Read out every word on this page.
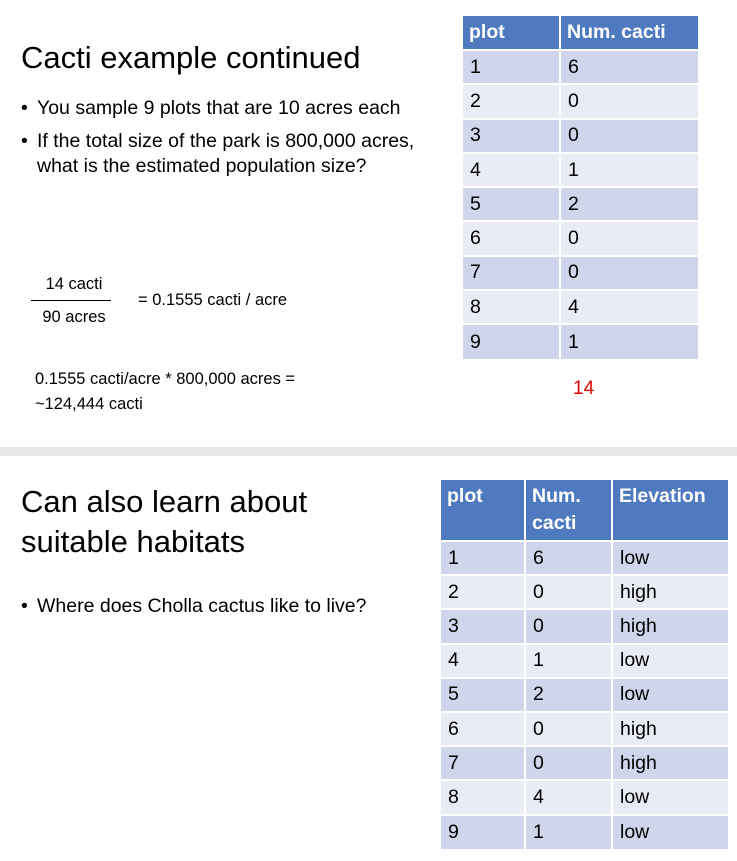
Cacti example continued
• You sample 9 plots that are 10 acres each
• If the total size of the park is 800,000 acres, what is the estimated population size?
14 cacti
90 acres
= 0.1555 cacti / acre
0.1555 cacti/acre * 800,000 acres =
~124,444 cacti
plot	Num. cacti
1	6
2	0
3	0
4	1
5	2
6	0
7	0
8	4
9	1
14
Can also learn about suitable habitats
• Where does Cholla cactus like to live?
plot	Num. cacti	Elevation
1	6	low
2	0	high
3	0	high
4	1	low
5	2	low
6	0	high
7	0	high
8	4	low
9	1	low
